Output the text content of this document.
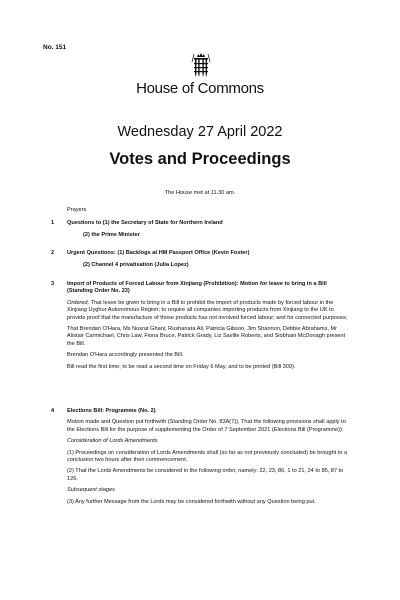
No. 151
House of Commons
Wednesday 27 April 2022
Votes and Proceedings
The House met at 11.30 am.
Prayers
1 Questions to (1) the Secretary of State for Northern Ireland
(2) the Prime Minister
2 Urgent Questions: (1) Backlogs at HM Passport Office (Kevin Foster)
(2) Channel 4 privatisation (Julia Lopez)
3 Import of Products of Forced Labour from Xinjiang (Prohibition): Motion for leave to bring in a Bill (Standing Order No. 23)

Ordered, That leave be given to bring in a Bill to prohibit the import of products made by forced labour in the Xinjiang Uyghur Autonomous Region; to require all companies importing products from Xinjiang to the UK to provide proof that the manufacture of those products has not involved forced labour; and for connected purposes;

That Brendan O'Hara, Ms Nusrat Ghani, Rushanara Ali, Patricia Gibson, Jim Shannon, Debbie Abrahams, Mr Alistair Carmichael, Chris Law, Fiona Bruce, Patrick Grady, Liz Saville Roberts, and Siobhain McDonagh present the Bill.

Brendan O'Hara accordingly presented the Bill.

Bill read the first time; to be read a second time on Friday 6 May, and to be printed (Bill 309).

4 Elections Bill: Programme (No. 2)

Motion made and Question put forthwith (Standing Order No. 83A(7)), That the following provisions shall apply to the Elections Bill for the purpose of supplementing the Order of 7 September 2021 (Elections Bill (Programme)):

Consideration of Lords Amendments

(1) Proceedings on consideration of Lords Amendments shall (so far as not previously concluded) be brought to a conclusion two hours after their commencement.

(2) That the Lords Amendments be considered in the following order, namely: 22, 23, 86, 1 to 21, 24 to 85, 87 to 126.

Subsequent stages

(3) Any further Message from the Lords may be considered forthwith without any Question being put.
